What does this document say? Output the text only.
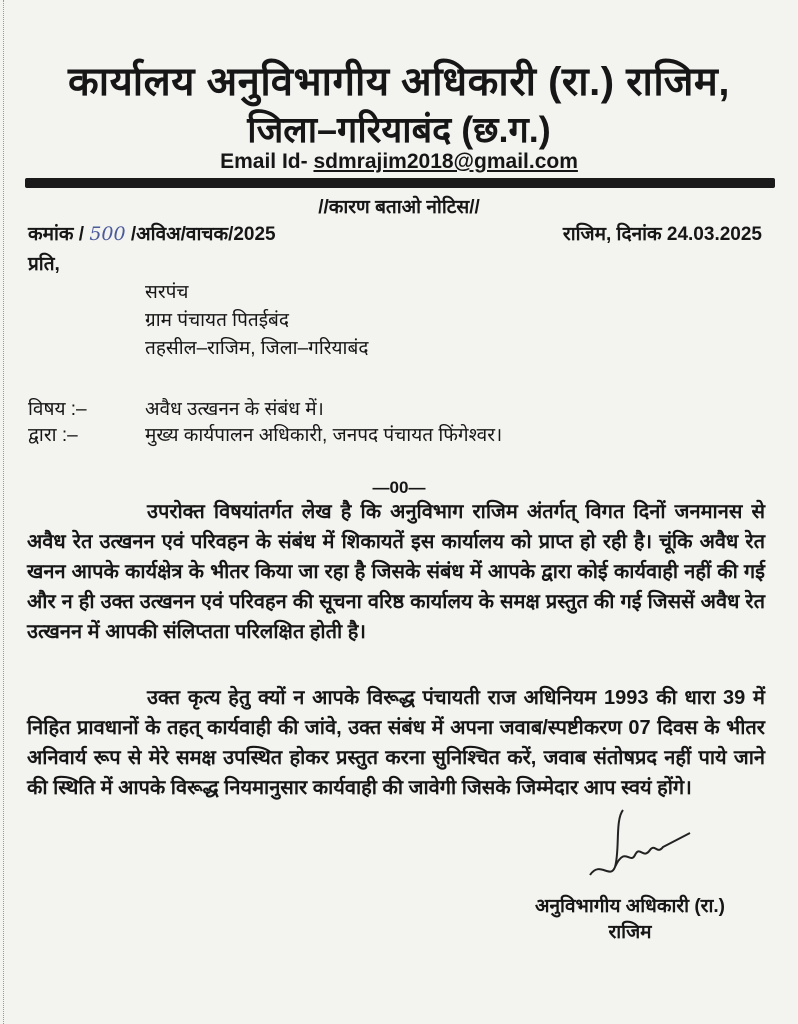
कार्यालय अनुविभागीय अधिकारी (रा.) राजिम,
जिला–गरियाबंद (छ.ग.)
Email Id- sdmrajim2018@gmail.com
//कारण बताओ नोटिस//
कमांक / 500 /अविअ/वाचक/2025	राजिम, दिनांक 24.03.2025
प्रति,
सरपंच
ग्राम पंचायत पितईबंद
तहसील–राजिम, जिला–गरियाबंद
विषय :–	अवैध उत्खनन के संबंध में।
द्वारा :–	मुख्य कार्यपालन अधिकारी, जनपद पंचायत फिंगेश्वर।
—00—
उपरोक्त विषयांतर्गत लेख है कि अनुविभाग राजिम अंतर्गत् विगत दिनों जनमानस से अवैध रेत उत्खनन एवं परिवहन के संबंध में शिकायतें इस कार्यालय को प्राप्त हो रही है। चूंकि अवैध रेत खनन आपके कार्यक्षेत्र के भीतर किया जा रहा है जिसके संबंध में आपके द्वारा कोई कार्यवाही नहीं की गई और न ही उक्त उत्खनन एवं परिवहन की सूचना वरिष्ठ कार्यालय के समक्ष प्रस्तुत की गई जिससें अवैध रेत उत्खनन में आपकी संलिप्तता परिलक्षित होती है।
उक्त कृत्य हेतु क्यों न आपके विरूद्ध पंचायती राज अधिनियम 1993 की धारा 39 में निहित प्रावधानों के तहत् कार्यवाही की जांवे, उक्त संबंध में अपना जवाब/स्पष्टीकरण 07 दिवस के भीतर अनिवार्य रूप से मेरे समक्ष उपस्थित होकर प्रस्तुत करना सुनिश्चित करें, जवाब संतोषप्रद नहीं पाये जाने की स्थिति में आपके विरूद्ध नियमानुसार कार्यवाही की जावेगी जिसके जिम्मेदार आप स्वयं होंगे।
अनुविभागीय अधिकारी (रा.)
राजिम
